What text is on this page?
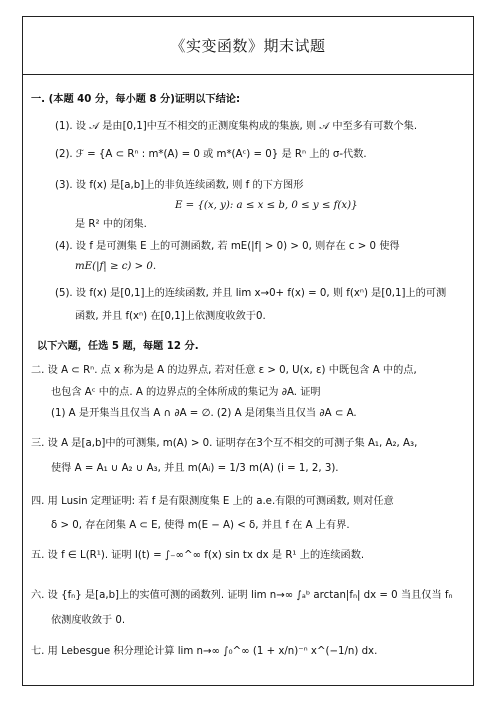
《实变函数》期末试题
一. (本题 40 分，每小题 8 分)证明以下结论:
(1). 设 𝒜 是由[0,1]中互不相交的正测度集构成的集族, 则 𝒜 中至多有可数个集.
(2). ℱ = {A ⊂ Rⁿ : m*(A) = 0 或 m*(Aᶜ) = 0} 是 Rⁿ 上的 σ-代数.
(3). 设 f(x) 是[a,b]上的非负连续函数, 则 f 的下方图形
E = {(x, y): a ≤ x ≤ b, 0 ≤ y ≤ f(x)}
是 R² 中的闭集.
(4). 设 f 是可测集 E 上的可测函数, 若 mE(|f| > 0) > 0, 则存在 c > 0 使得
mE(|f| ≥ c) > 0.
(5). 设 f(x) 是[0,1]上的连续函数, 并且 lim x→0+ f(x) = 0, 则 f(xⁿ) 是[0,1]上的可测
函数, 并且 f(xⁿ) 在[0,1]上依测度收敛于0.
以下六题，任选 5 题，每题 12 分.
二. 设 A ⊂ Rⁿ. 点 x 称为是 A 的边界点, 若对任意 ε > 0, U(x, ε) 中既包含 A 中的点,
也包含 Aᶜ 中的点. A 的边界点的全体所成的集记为 ∂A. 证明
(1) A 是开集当且仅当 A ∩ ∂A = ∅. (2) A 是闭集当且仅当 ∂A ⊂ A.
三. 设 A 是[a,b]中的可测集, m(A) > 0. 证明存在3个互不相交的可测子集 A₁, A₂, A₃,
使得 A = A₁ ∪ A₂ ∪ A₃, 并且 m(Aᵢ) = 1/3 m(A) (i = 1, 2, 3).
四. 用 Lusin 定理证明: 若 f 是有限测度集 E 上的 a.e.有限的可测函数, 则对任意
δ > 0, 存在闭集 A ⊂ E, 使得 m(E − A) < δ, 并且 f 在 A 上有界.
五. 设 f ∈ L(R¹). 证明 I(t) = ∫₋∞^∞ f(x) sin tx dx 是 R¹ 上的连续函数.
六. 设 {fₙ} 是[a,b]上的实值可测的函数列. 证明 lim n→∞ ∫ₐᵇ arctan|fₙ| dx = 0 当且仅当 fₙ
依测度收敛于 0.
七. 用 Lebesgue 积分理论计算 lim n→∞ ∫₀^∞ (1 + x/n)⁻ⁿ x^(−1/n) dx.
